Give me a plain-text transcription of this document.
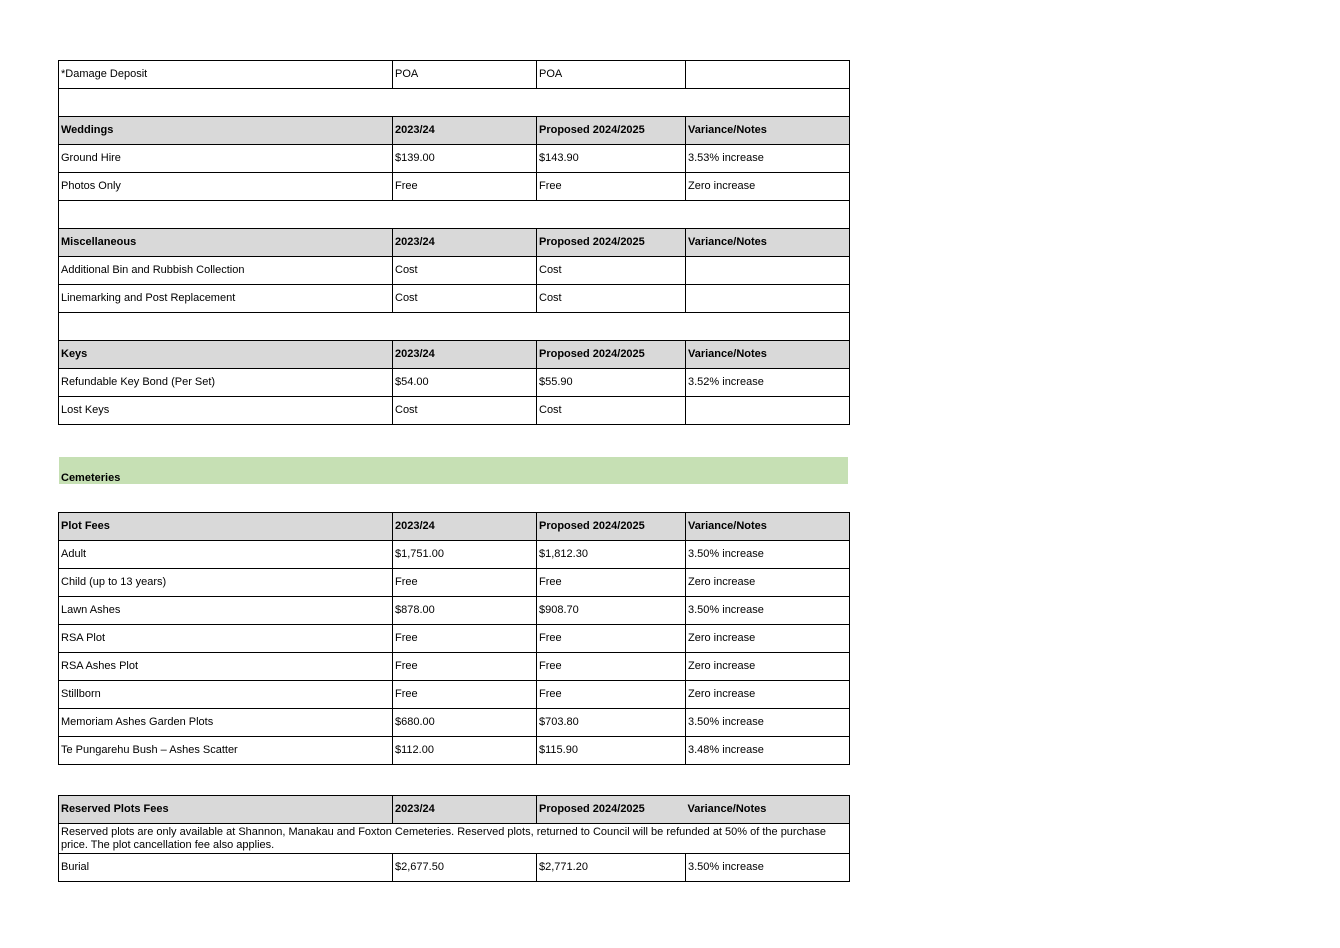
*Damage Deposit	POA	POA	

Weddings	2023/24	Proposed 2024/2025	Variance/Notes
Ground Hire	$139.00	$143.90	3.53% increase
Photos Only	Free	Free	Zero increase

Miscellaneous	2023/24	Proposed 2024/2025	Variance/Notes
Additional Bin and Rubbish Collection	Cost	Cost	
Linemarking and Post Replacement	Cost	Cost	

Keys	2023/24	Proposed 2024/2025	Variance/Notes
Refundable Key Bond (Per Set)	$54.00	$55.90	3.52% increase
Lost Keys	Cost	Cost	
Cemeteries
Plot Fees	2023/24	Proposed 2024/2025	Variance/Notes
Adult	$1,751.00	$1,812.30	3.50% increase
Child (up to 13 years)	Free	Free	Zero increase
Lawn Ashes	$878.00	$908.70	3.50% increase
RSA Plot	Free	Free	Zero increase
RSA Ashes Plot	Free	Free	Zero increase
Stillborn	Free	Free	Zero increase
Memoriam Ashes Garden Plots	$680.00	$703.80	3.50% increase
Te Pungarehu Bush – Ashes Scatter	$112.00	$115.90	3.48% increase
Reserved Plots Fees	2023/24	Proposed 2024/2025	Variance/Notes
Reserved plots are only available at Shannon, Manakau and Foxton Cemeteries. Reserved plots, returned to Council will be refunded at 50% of the purchase price. The plot cancellation fee also applies.			
Burial	$2,677.50	$2,771.20	3.50% increase
